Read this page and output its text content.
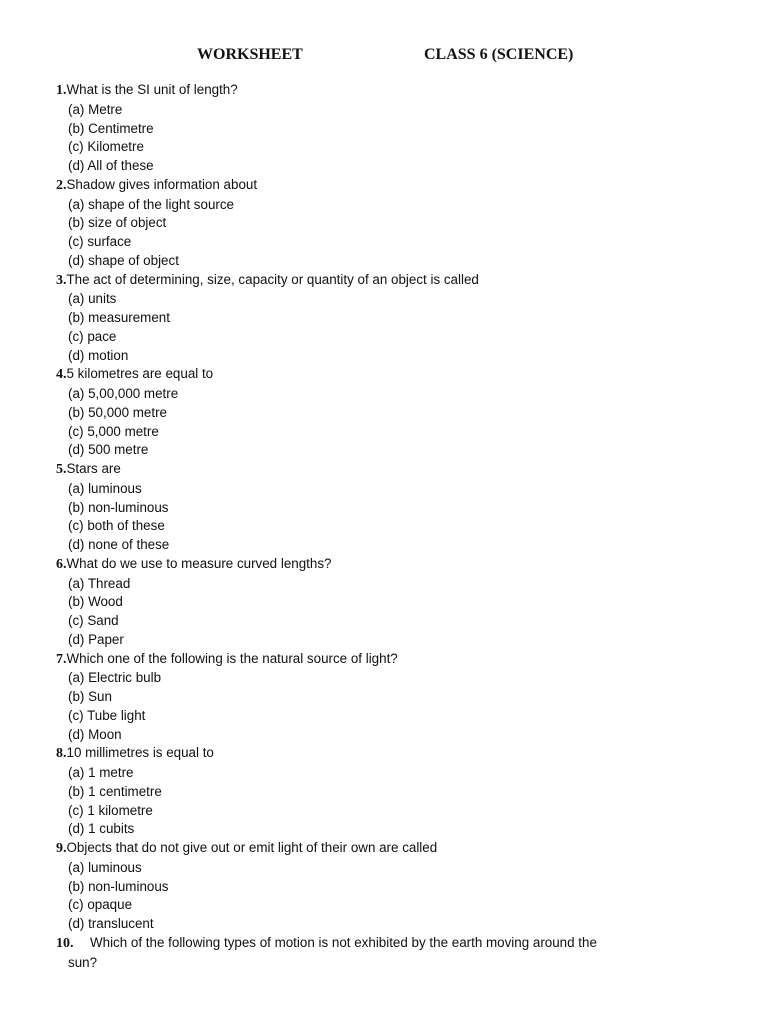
WORKSHEET	CLASS 6 (SCIENCE)
1.What is the SI unit of length?
(a) Metre
(b) Centimetre
(c) Kilometre
(d) All of these
2.Shadow gives information about
(a) shape of the light source
(b) size of object
(c) surface
(d) shape of object
3.The act of determining, size, capacity or quantity of an object is called
(a) units
(b) measurement
(c) pace
(d) motion
4.5 kilometres are equal to
(a) 5,00,000 metre
(b) 50,000 metre
(c) 5,000 metre
(d) 500 metre
5.Stars are
(a) luminous
(b) non-luminous
(c) both of these
(d) none of these
6.What do we use to measure curved lengths?
(a) Thread
(b) Wood
(c) Sand
(d) Paper
7.Which one of the following is the natural source of light?
(a) Electric bulb
(b) Sun
(c) Tube light
(d) Moon
8.10 millimetres is equal to
(a) 1 metre
(b) 1 centimetre
(c) 1 kilometre
(d) 1 cubits
9.Objects that do not give out or emit light of their own are called
(a) luminous
(b) non-luminous
(c) opaque
(d) translucent
10. Which of the following types of motion is not exhibited by the earth moving around the
sun?
